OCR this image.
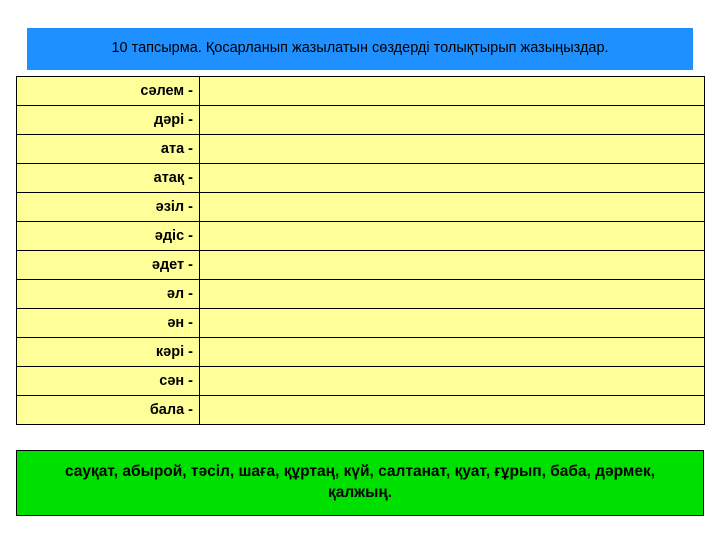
10 тапсырма. Қосарланып жазылатын сөздерді толықтырып жазыңыздар.
сәлем -	
дәрі -	
ата -	
атақ -	
әзіл -	
әдіс -	
әдет -	
әл -	
ән -	
кәрі -	
сән -	
бала -	
сауқат, абырой, тәсіл, шаға, құртаң, күй, салтанат, қуат, ғұрып, баба, дәрмек, қалжың.
